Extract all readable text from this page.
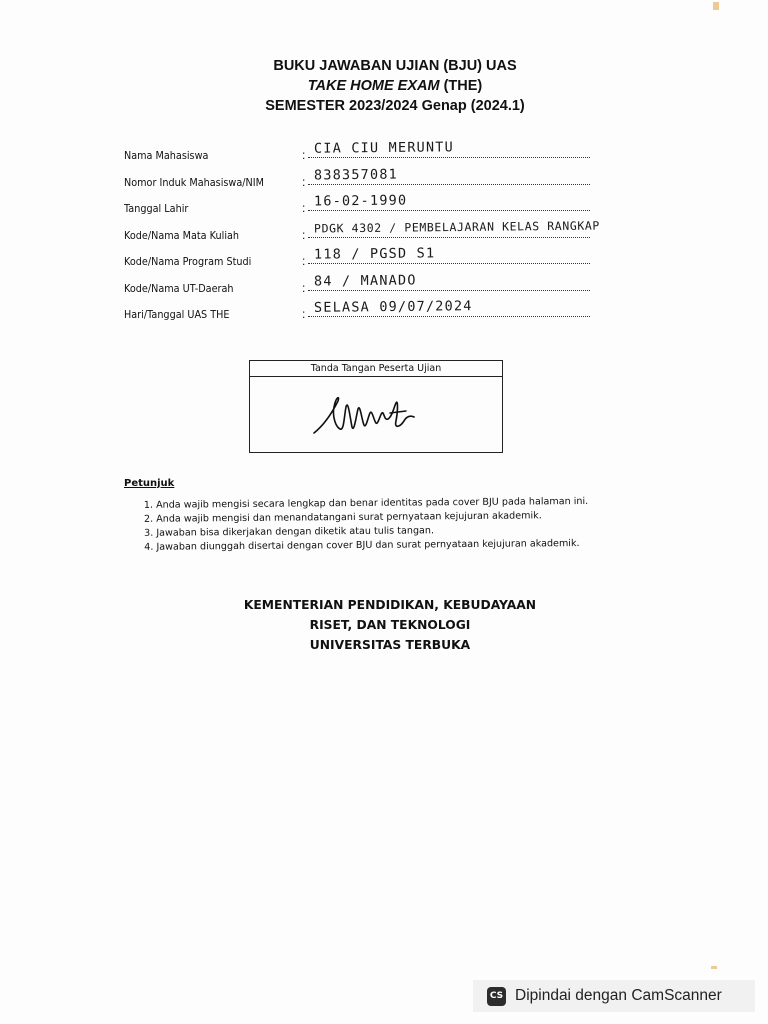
BUKU JAWABAN UJIAN (BJU) UAS
TAKE HOME EXAM (THE)
SEMESTER 2023/2024 Genap (2024.1)
Nama Mahasiswa	: CIA CIU MERUNTU
Nomor Induk Mahasiswa/NIM	: 838357081
Tanggal Lahir	: 16-02-1990
Kode/Nama Mata Kuliah	: PDGK 4302 / PEMBELAJARAN KELAS RANGKAP
Kode/Nama Program Studi	: 118 / PGSD S1
Kode/Nama UT-Daerah	: 84 / MANADO
Hari/Tanggal UAS THE	: SELASA 09/07/2024
Tanda Tangan Peserta Ujian
Petunjuk
1. Anda wajib mengisi secara lengkap dan benar identitas pada cover BJU pada halaman ini.
2. Anda wajib mengisi dan menandatangani surat pernyataan kejujuran akademik.
3. Jawaban bisa dikerjakan dengan diketik atau tulis tangan.
4. Jawaban diunggah disertai dengan cover BJU dan surat pernyataan kejujuran akademik.
KEMENTERIAN PENDIDIKAN, KEBUDAYAAN
RISET, DAN TEKNOLOGI
UNIVERSITAS TERBUKA
CS Dipindai dengan CamScanner
